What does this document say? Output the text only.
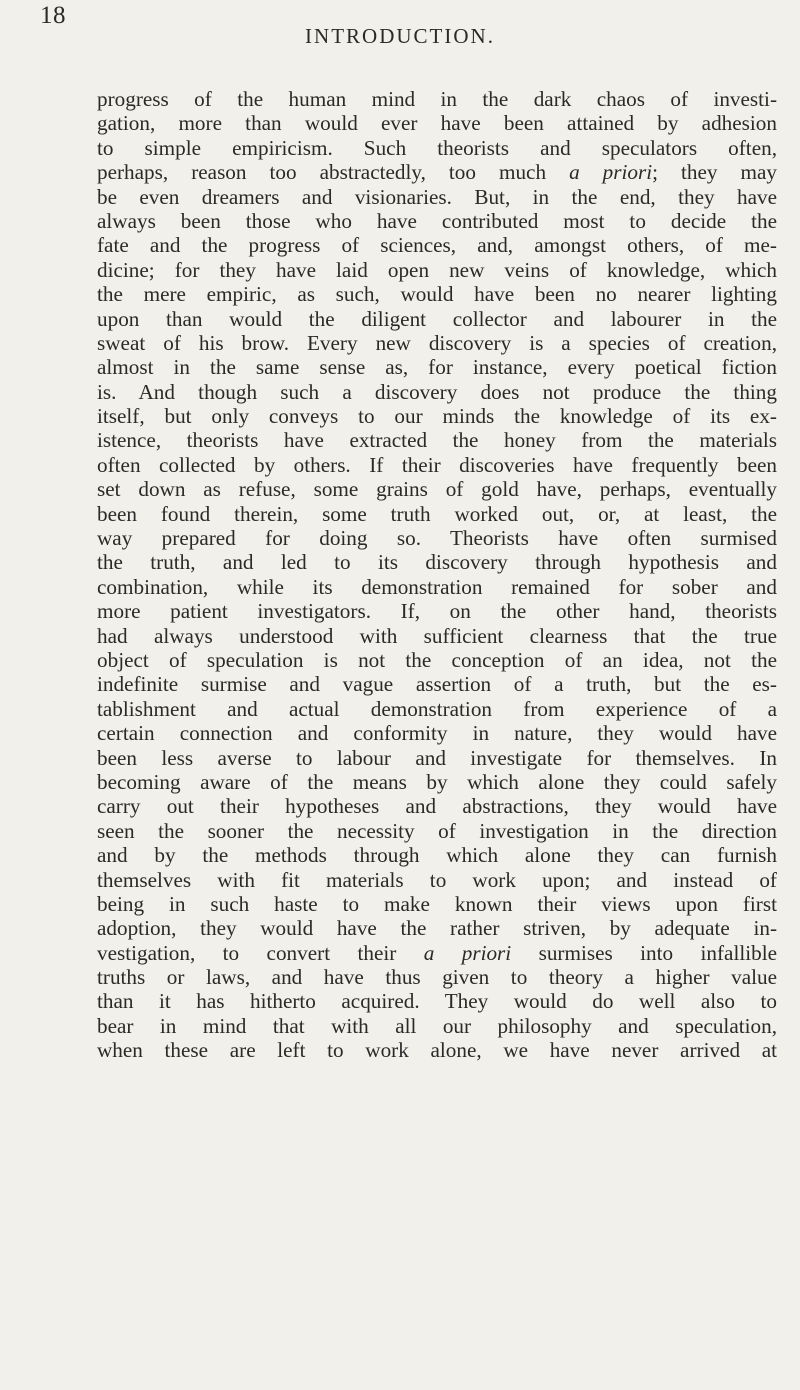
18
INTRODUCTION.
progress of the human mind in the dark chaos of investi-
gation, more than would ever have been attained by adhesion
to simple empiricism. Such theorists and speculators often,
perhaps, reason too abstractedly, too much a priori; they may
be even dreamers and visionaries. But, in the end, they have
always been those who have contributed most to decide the
fate and the progress of sciences, and, amongst others, of me-
dicine; for they have laid open new veins of knowledge, which
the mere empiric, as such, would have been no nearer lighting
upon than would the diligent collector and labourer in the
sweat of his brow. Every new discovery is a species of creation,
almost in the same sense as, for instance, every poetical fiction
is. And though such a discovery does not produce the thing
itself, but only conveys to our minds the knowledge of its ex-
istence, theorists have extracted the honey from the materials
often collected by others. If their discoveries have frequently been
set down as refuse, some grains of gold have, perhaps, eventually
been found therein, some truth worked out, or, at least, the
way prepared for doing so. Theorists have often surmised
the truth, and led to its discovery through hypothesis and
combination, while its demonstration remained for sober and
more patient investigators. If, on the other hand, theorists
had always understood with sufficient clearness that the true
object of speculation is not the conception of an idea, not the
indefinite surmise and vague assertion of a truth, but the es-
tablishment and actual demonstration from experience of a
certain connection and conformity in nature, they would have
been less averse to labour and investigate for themselves. In
becoming aware of the means by which alone they could safely
carry out their hypotheses and abstractions, they would have
seen the sooner the necessity of investigation in the direction
and by the methods through which alone they can furnish
themselves with fit materials to work upon; and instead of
being in such haste to make known their views upon first
adoption, they would have the rather striven, by adequate in-
vestigation, to convert their a priori surmises into infallible
truths or laws, and have thus given to theory a higher value
than it has hitherto acquired. They would do well also to
bear in mind that with all our philosophy and speculation,
when these are left to work alone, we have never arrived at
